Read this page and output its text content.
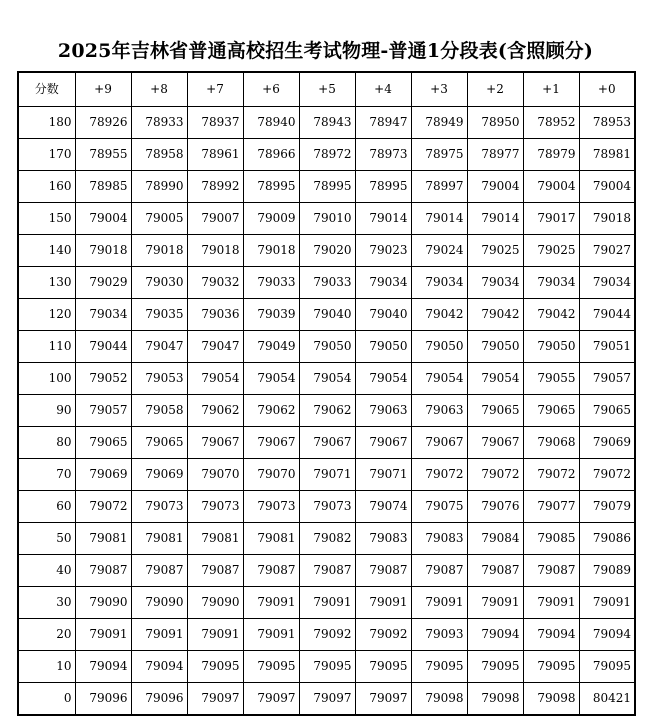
2025年吉林省普通高校招生考试物理-普通1分段表(含照顾分)
分数	+9	+8	+7	+6	+5	+4	+3	+2	+1	+0
180	78926	78933	78937	78940	78943	78947	78949	78950	78952	78953
170	78955	78958	78961	78966	78972	78973	78975	78977	78979	78981
160	78985	78990	78992	78995	78995	78995	78997	79004	79004	79004
150	79004	79005	79007	79009	79010	79014	79014	79014	79017	79018
140	79018	79018	79018	79018	79020	79023	79024	79025	79025	79027
130	79029	79030	79032	79033	79033	79034	79034	79034	79034	79034
120	79034	79035	79036	79039	79040	79040	79042	79042	79042	79044
110	79044	79047	79047	79049	79050	79050	79050	79050	79050	79051
100	79052	79053	79054	79054	79054	79054	79054	79054	79055	79057
90	79057	79058	79062	79062	79062	79063	79063	79065	79065	79065
80	79065	79065	79067	79067	79067	79067	79067	79067	79068	79069
70	79069	79069	79070	79070	79071	79071	79072	79072	79072	79072
60	79072	79073	79073	79073	79073	79074	79075	79076	79077	79079
50	79081	79081	79081	79081	79082	79083	79083	79084	79085	79086
40	79087	79087	79087	79087	79087	79087	79087	79087	79087	79089
30	79090	79090	79090	79091	79091	79091	79091	79091	79091	79091
20	79091	79091	79091	79091	79092	79092	79093	79094	79094	79094
10	79094	79094	79095	79095	79095	79095	79095	79095	79095	79095
0	79096	79096	79097	79097	79097	79097	79098	79098	79098	80421
